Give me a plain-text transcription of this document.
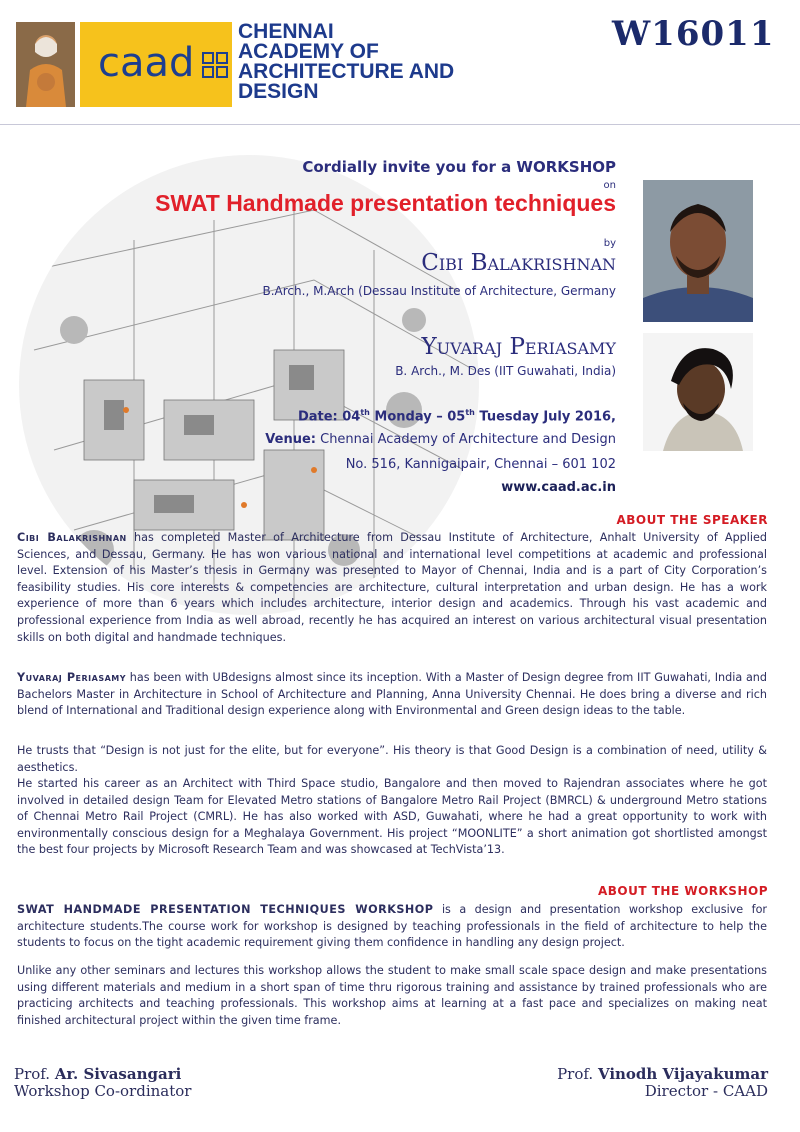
caad
CHENNAI
ACADEMY OF
ARCHITECTURE AND
DESIGN
W16011
Cordially invite you for a WORKSHOP
on
SWAT Handmade presentation techniques
by
Cibi Balakrishnan
B.Arch., M.Arch (Dessau Institute of Architecture, Germany
Yuvaraj Periasamy
B. Arch., M. Des (IIT Guwahati, India)
Date: 04th Monday – 05th Tuesday July 2016,
Venue: Chennai Academy of Architecture and Design
No. 516, Kannigaipair, Chennai – 601 102
www.caad.ac.in
ABOUT THE SPEAKER
Cibi Balakrishnan has completed Master of Architecture from Dessau Institute of Architecture, Anhalt University of Applied Sciences, and Dessau, Germany. He has won various national and international level competitions at academic and professional level. Extension of his Master’s thesis in Germany was presented to Mayor of Chennai, India and is a part of City Corporation’s feasibility studies. His core interests & competencies are architecture, cultural interpretation and urban design. He has a work experience of more than 6 years which includes architecture, interior design and academics. Through his vast academic and professional experience from India as well abroad, recently he has acquired an interest on various architectural visual presentation skills on both digital and handmade techniques.
Yuvaraj Periasamy has been with UBdesigns almost since its inception. With a Master of Design degree from IIT Guwahati, India and Bachelors Master in Architecture in School of Architecture and Planning, Anna University Chennai. He does bring a diverse and rich blend of International and Traditional design experience along with Environmental and Green design ideas to the table.
He trusts that “Design is not just for the elite, but for everyone”. His theory is that Good Design is a combination of need, utility & aesthetics.
He started his career as an Architect with Third Space studio, Bangalore and then moved to Rajendran associates where he got involved in detailed design Team for Elevated Metro stations of Bangalore Metro Rail Project (BMRCL) & underground Metro stations of Chennai Metro Rail Project (CMRL). He has also worked with ASD, Guwahati, where he had a great opportunity to work with environmentally conscious design for a Meghalaya Government. His project “MOONLITE” a short animation got shortlisted amongst the best four projects by Microsoft Research Team and was showcased at TechVista’13.
ABOUT THE WORKSHOP
SWAT HANDMADE PRESENTATION TECHNIQUES WORKSHOP is a design and presentation workshop exclusive for architecture students.The course work for workshop is designed by teaching professionals in the field of architecture to help the students to focus on the tight academic requirement giving them confidence in handling any design project.
Unlike any other seminars and lectures this workshop allows the student to make small scale space design and make presentations using different materials and medium in a short span of time thru rigorous training and assistance by trained professionals who are practicing architects and teaching professionals. This workshop aims at learning at a fast pace and specializes on making neat finished architectural project within the given time frame.
Prof. Ar. Sivasangari
Workshop Co-ordinator
Prof. Vinodh Vijayakumar
Director - CAAD
